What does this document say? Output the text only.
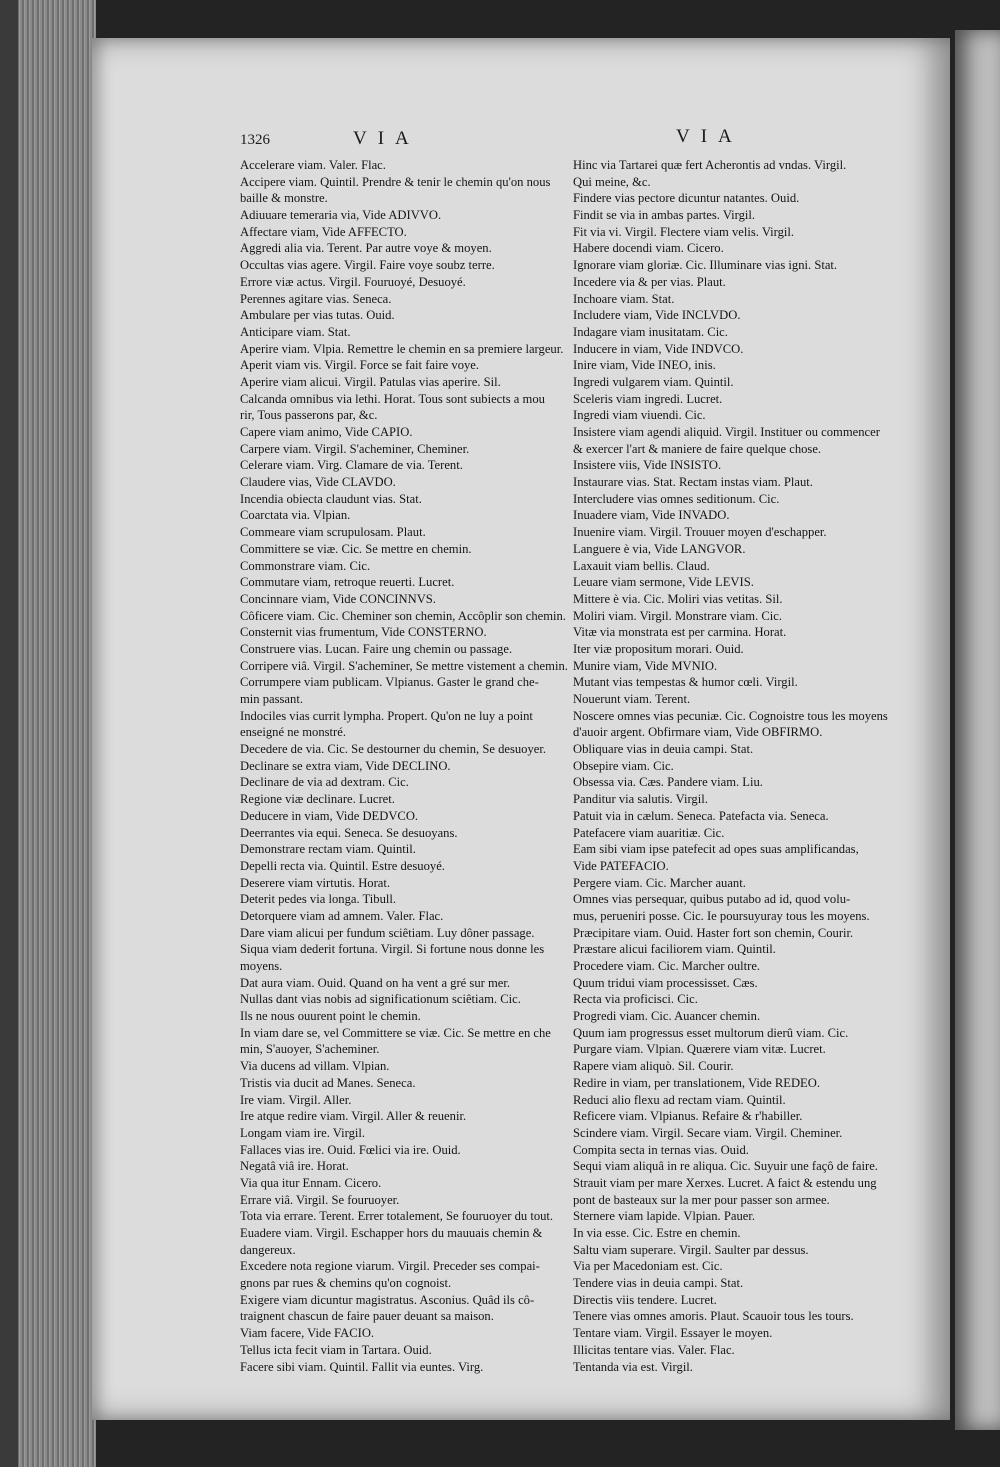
1326	VIA	VIA
Accelerare viam. Valer. Flac.
Accipere viam. Quintil. Prendre & tenir le chemin qu'on nous
baille & monstre.
Adiuuare temeraria via, Vide ADIVVO.
Affectare viam, Vide AFFECTO.
Aggredi alia via. Terent. Par autre voye & moyen.
Occultas vias agere. Virgil. Faire voye soubz terre.
Errore viæ actus. Virgil. Fouruoyé, Desuoyé.
Perennes agitare vias. Seneca.
Ambulare per vias tutas. Ouid.
Anticipare viam. Stat.
Aperire viam. Vlpia. Remettre le chemin en sa premiere largeur.
Aperit viam vis. Virgil. Force se fait faire voye.
Aperire viam alicui. Virgil. Patulas vias aperire. Sil.
Calcanda omnibus via lethi. Horat. Tous sont subiects a mou
rir, Tous passerons par, &c.
Capere viam animo, Vide CAPIO.
Carpere viam. Virgil. S'acheminer, Cheminer.
Celerare viam. Virg. Clamare de via. Terent.
Claudere vias, Vide CLAVDO.
Incendia obiecta claudunt vias. Stat.
Coarctata via. Vlpian.
Commeare viam scrupulosam. Plaut.
Committere se viæ. Cic. Se mettre en chemin.
Commonstrare viam. Cic.
Commutare viam, retroque reuerti. Lucret.
Concinnare viam, Vide CONCINNVS.
Côficere viam. Cic. Cheminer son chemin, Accôplir son chemin.
Consternit vias frumentum, Vide CONSTERNO.
Construere vias. Lucan. Faire ung chemin ou passage.
Corripere viâ. Virgil. S'acheminer, Se mettre vistement a chemin.
Corrumpere viam publicam. Vlpianus. Gaster le grand che-
min passant.
Indociles vias currit lympha. Propert. Qu'on ne luy a point
enseigné ne monstré.
Decedere de via. Cic. Se destourner du chemin, Se desuoyer.
Declinare se extra viam, Vide DECLINO.
Declinare de via ad dextram. Cic.
Regione viæ declinare. Lucret.
Deducere in viam, Vide DEDVCO.
Deerrantes via equi. Seneca. Se desuoyans.
Demonstrare rectam viam. Quintil.
Depelli recta via. Quintil. Estre desuoyé.
Deserere viam virtutis. Horat.
Deterit pedes via longa. Tibull.
Detorquere viam ad amnem. Valer. Flac.
Dare viam alicui per fundum sciêtiam. Luy dôner passage.
Siqua viam dederit fortuna. Virgil. Si fortune nous donne les
moyens.
Dat aura viam. Ouid. Quand on ha vent a gré sur mer.
Nullas dant vias nobis ad significationum sciêtiam. Cic.
Ils ne nous ouurent point le chemin.
In viam dare se, vel Committere se viæ. Cic. Se mettre en che
min, S'auoyer, S'acheminer.
Via ducens ad villam. Vlpian.
Tristis via ducit ad Manes. Seneca.
Ire viam. Virgil. Aller.
Ire atque redire viam. Virgil. Aller & reuenir.
Longam viam ire. Virgil.
Fallaces vias ire. Ouid. Fœlici via ire. Ouid.
Negatâ viâ ire. Horat.
Via qua itur Ennam. Cicero.
Errare viâ. Virgil. Se fouruoyer.
Tota via errare. Terent. Errer totalement, Se fouruoyer du tout.
Euadere viam. Virgil. Eschapper hors du mauuais chemin &
dangereux.
Excedere nota regione viarum. Virgil. Preceder ses compai-
gnons par rues & chemins qu'on cognoist.
Exigere viam dicuntur magistratus. Asconius. Quâd ils cô-
traignent chascun de faire pauer deuant sa maison.
Viam facere, Vide FACIO.
Tellus icta fecit viam in Tartara. Ouid.
Facere sibi viam. Quintil. Fallit via euntes. Virg.
Hinc via Tartarei quæ fert Acherontis ad vndas. Virgil.
Qui meine, &c.
Findere vias pectore dicuntur natantes. Ouid.
Findit se via in ambas partes. Virgil.
Fit via vi. Virgil. Flectere viam velis. Virgil.
Habere docendi viam. Cicero.
Ignorare viam gloriæ. Cic. Illuminare vias igni. Stat.
Incedere via & per vias. Plaut.
Inchoare viam. Stat.
Includere viam, Vide INCLVDO.
Indagare viam inusitatam. Cic.
Inducere in viam, Vide INDVCO.
Inire viam, Vide INEO, inis.
Ingredi vulgarem viam. Quintil.
Sceleris viam ingredi. Lucret.
Ingredi viam viuendi. Cic.
Insistere viam agendi aliquid. Virgil. Instituer ou commencer
& exercer l'art & maniere de faire quelque chose.
Insistere viis, Vide INSISTO.
Instaurare vias. Stat. Rectam instas viam. Plaut.
Intercludere vias omnes seditionum. Cic.
Inuadere viam, Vide INVADO.
Inuenire viam. Virgil. Trouuer moyen d'eschapper.
Languere è via, Vide LANGVOR.
Laxauit viam bellis. Claud.
Leuare viam sermone, Vide LEVIS.
Mittere è via. Cic. Moliri vias vetitas. Sil.
Moliri viam. Virgil. Monstrare viam. Cic.
Vitæ via monstrata est per carmina. Horat.
Iter viæ propositum morari. Ouid.
Munire viam, Vide MVNIO.
Mutant vias tempestas & humor cœli. Virgil.
Nouerunt viam. Terent.
Noscere omnes vias pecuniæ. Cic. Cognoistre tous les moyens
d'auoir argent. Obfirmare viam, Vide OBFIRMO.
Obliquare vias in deuia campi. Stat.
Obsepire viam. Cic.
Obsessa via. Cæs. Pandere viam. Liu.
Panditur via salutis. Virgil.
Patuit via in cælum. Seneca. Patefacta via. Seneca.
Patefacere viam auaritiæ. Cic.
Eam sibi viam ipse patefecit ad opes suas amplificandas,
Vide PATEFACIO.
Pergere viam. Cic. Marcher auant.
Omnes vias persequar, quibus putabo ad id, quod volu-
mus, perueniri posse. Cic. Ie poursuyuray tous les moyens.
Præcipitare viam. Ouid. Haster fort son chemin, Courir.
Præstare alicui faciliorem viam. Quintil.
Procedere viam. Cic. Marcher oultre.
Quum tridui viam processisset. Cæs.
Recta via proficisci. Cic.
Progredi viam. Cic. Auancer chemin.
Quum iam progressus esset multorum dierû viam. Cic.
Purgare viam. Vlpian. Quærere viam vitæ. Lucret.
Rapere viam aliquò. Sil. Courir.
Redire in viam, per translationem, Vide REDEO.
Reduci alio flexu ad rectam viam. Quintil.
Reficere viam. Vlpianus. Refaire & r'habiller.
Scindere viam. Virgil. Secare viam. Virgil. Cheminer.
Compita secta in ternas vias. Ouid.
Sequi viam aliquâ in re aliqua. Cic. Suyuir une façô de faire.
Strauit viam per mare Xerxes. Lucret. A faict & estendu ung
pont de basteaux sur la mer pour passer son armee.
Sternere viam lapide. Vlpian. Pauer.
In via esse. Cic. Estre en chemin.
Saltu viam superare. Virgil. Saulter par dessus.
Via per Macedoniam est. Cic.
Tendere vias in deuia campi. Stat.
Directis viis tendere. Lucret.
Tenere vias omnes amoris. Plaut. Scauoir tous les tours.
Tentare viam. Virgil. Essayer le moyen.
Illicitas tentare vias. Valer. Flac.
Tentanda via est. Virgil.
